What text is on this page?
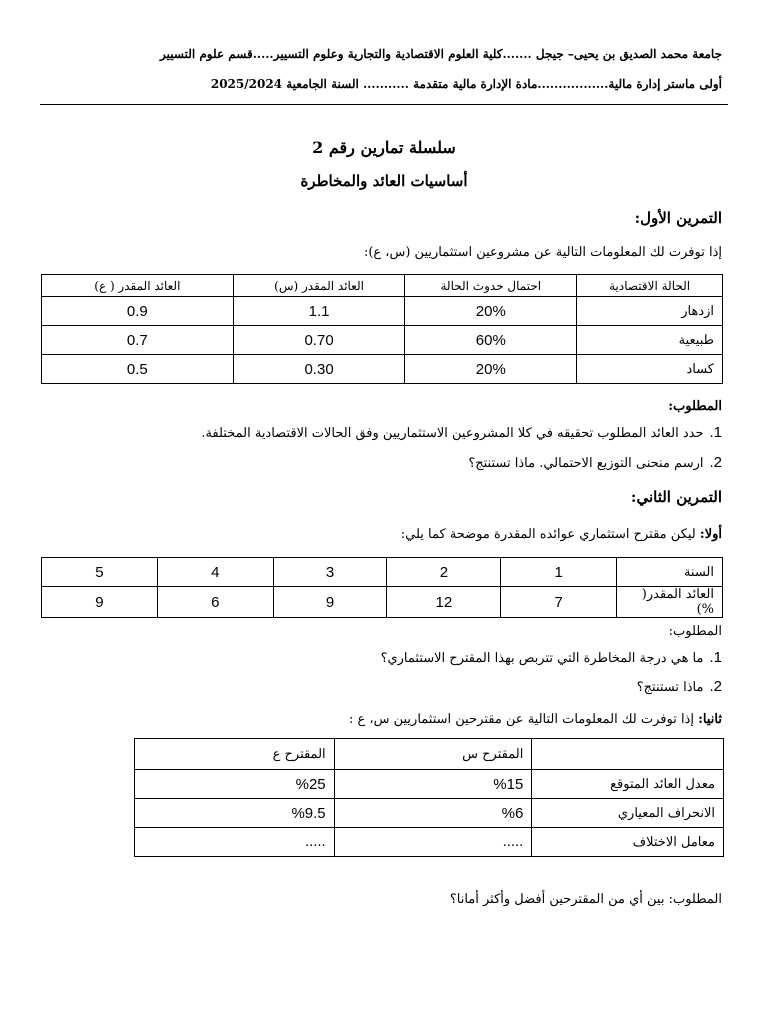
جامعة محمد الصديق بن يحيى– جيجل .......كلية العلوم الاقتصادية والتجارية وعلوم التسيير.....قسم علوم التسيير
أولى ماستر إدارة مالية.................مادة الإدارة مالية متقدمة ........... السنة الجامعية 2025/2024
سلسلة تمارين رقم 2
أساسيات العائد والمخاطرة
التمرين الأول:
إذا توفرت لك المعلومات التالية عن مشروعين استثماريين (س، ع):
الحالة الاقتصادية	احتمال حدوث الحالة	العائد المقدر (س)	العائد المقدر ( ع)
ازدهار	20%	1.1	0.9
طبيعية	60%	0.70	0.7
كساد	20%	0.30	0.5
المطلوب:
1.حدد العائد المطلوب تحقيقه في كلا المشروعين الاستثماريين وفق الحالات الاقتصادية المختلفة.
2.ارسم منحنى التوزيع الاحتمالي. ماذا تستنتج؟
التمرين الثاني:
أولا: ليكن مقترح استثماري عوائده المقدرة موضحة كما يلي:
السنة	1	2	3	4	5
العائد المقدر( %)	7	12	9	6	9
المطلوب:
1.ما هي درجة المخاطرة التي تتربص بهذا المقترح الاستثماري؟
2.ماذا تستنتج؟
ثانيا: إذا توفرت لك المعلومات التالية عن مقترحين استثماريين س، ع :
	المقترح س	المقترح ع
معدل العائد المتوقع	%15	%25
الانحراف المعياري	%6	%9.5
معامل الاختلاف	.....	.....
المطلوب: بين أي من المقترحين أفضل وأكثر أمانا؟
